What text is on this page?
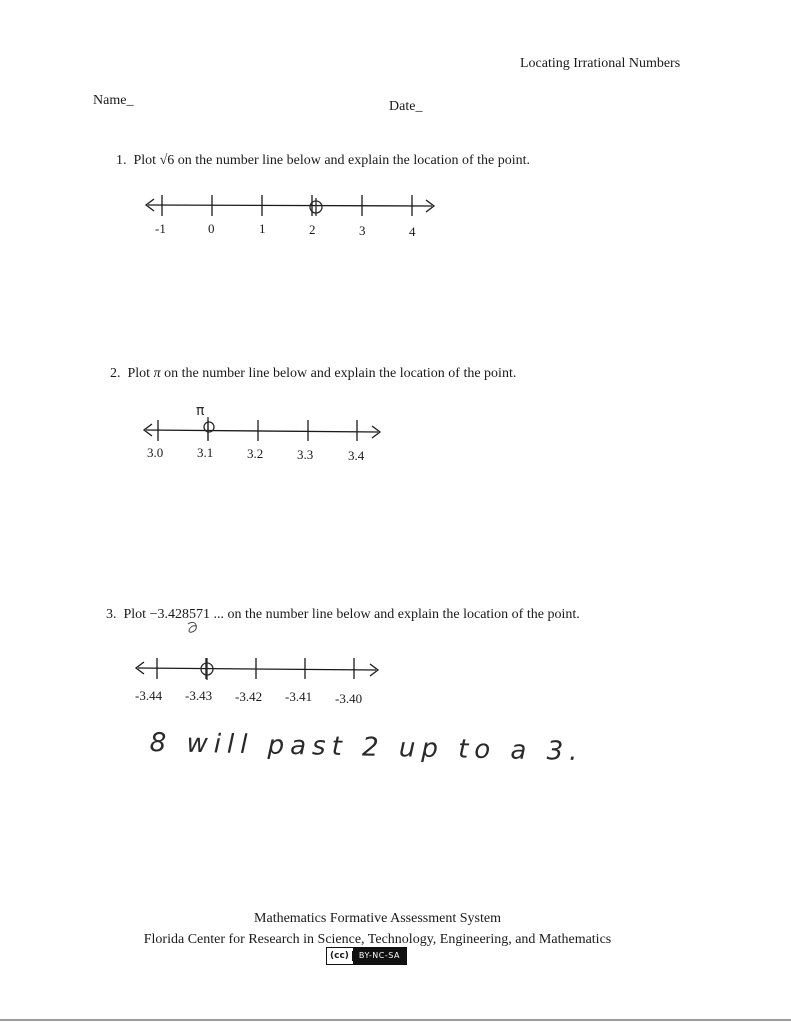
Locating Irrational Numbers
Name_	Date_
1. Plot √6 on the number line below and explain the location of the point.
-1	0	1	2	3	4
2. Plot π on the number line below and explain the location of the point.
π
3.0	3.1	3.2	3.3	3.4
3. Plot −3.428571 ... on the number line below and explain the location of the point.
-3.44 -3.43 -3.42 -3.41 -3.40
8 will past 2 up to a 3.
Mathematics Formative Assessment System
Florida Center for Research in Science, Technology, Engineering, and Mathematics
(cc)	BY-NC-SA
